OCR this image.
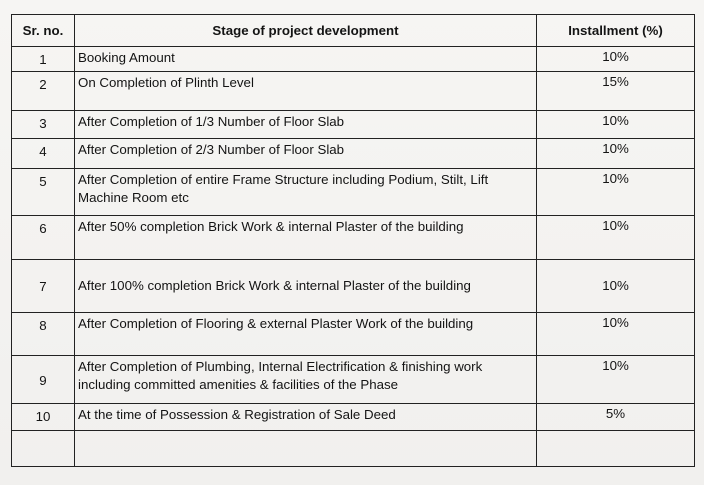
Sr. no.	Stage of project development	Installment (%)
1	Booking Amount	10%
2	On Completion of Plinth Level	15%
3	After Completion of 1/3 Number of Floor Slab	10%
4	After Completion of 2/3 Number of Floor Slab	10%
5	After Completion of entire Frame Structure including Podium, Stilt, Lift Machine Room etc	10%
6	After 50% completion Brick Work & internal Plaster of the building	10%
7	After 100% completion Brick Work & internal Plaster of the building	10%
8	After Completion of Flooring & external Plaster Work of the building	10%
9	After Completion of Plumbing, Internal Electrification & finishing work including committed amenities & facilities of the Phase	10%
10	At the time of Possession & Registration of Sale Deed	5%
